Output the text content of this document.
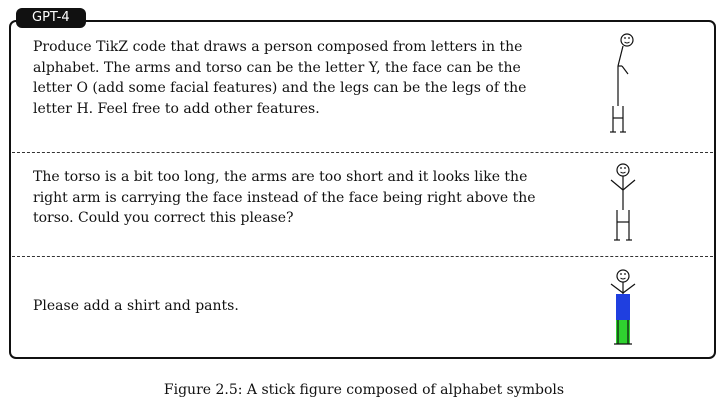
GPT-4
Produce TikZ code that draws a person composed from letters in the alphabet. The arms and torso can be the letter Y, the face can be the letter O (add some facial features) and the legs can be the legs of the letter H. Feel free to add other features.
The torso is a bit too long, the arms are too short and it looks like the right arm is carrying the face instead of the face being right above the torso. Could you correct this please?
Please add a shirt and pants.
Figure 2.5: A stick figure composed of alphabet symbols
